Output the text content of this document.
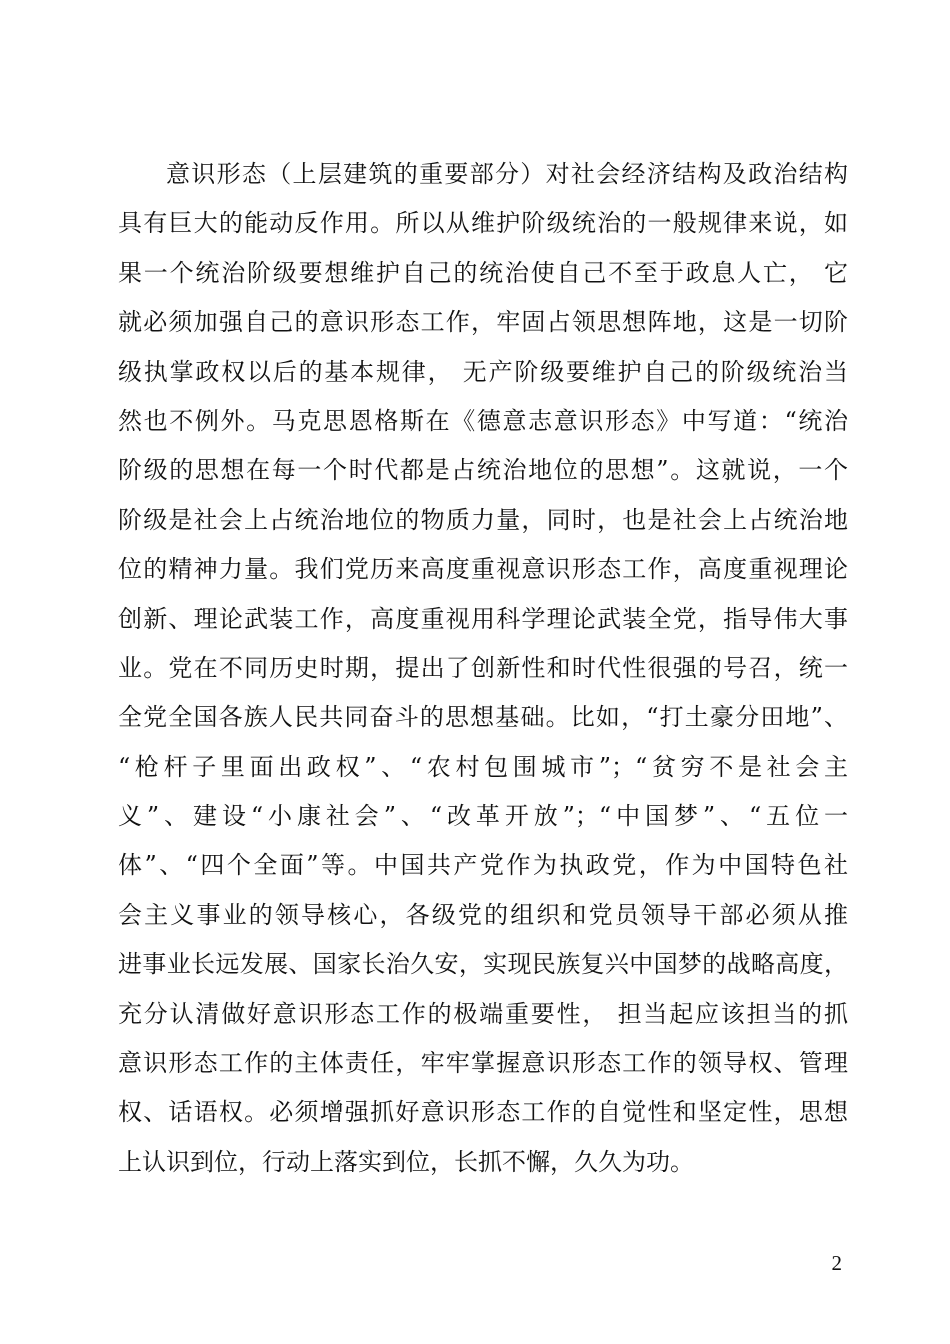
意识形态（上层建筑的重要部分）对社会经济结构及政治结构
具有巨大的能动反作用。所以从维护阶级统治的一般规律来说，如
果一个统治阶级要想维护自己的统治使自己不至于政息人亡， 它
就必须加强自己的意识形态工作，牢固占领思想阵地，这是一切阶
级执掌政权以后的基本规律， 无产阶级要维护自己的阶级统治当
然也不例外。马克思恩格斯在《德意志意识形态》中写道：“统治
阶级的思想在每一个时代都是占统治地位的思想”。这就说，一个
阶级是社会上占统治地位的物质力量，同时，也是社会上占统治地
位的精神力量。我们党历来高度重视意识形态工作，高度重视理论
创新、理论武装工作，高度重视用科学理论武装全党，指导伟大事
业。党在不同历史时期，提出了创新性和时代性很强的号召，统一
全党全国各族人民共同奋斗的思想基础。比如，“打土豪分田地”、
“枪杆子里面出政权”、“农村包围城市”；“贫穷不是社会主
义”、建设“小康社会”、“改革开放”；“中国梦”、“五位一
体”、“四个全面”等。中国共产党作为执政党，作为中国特色社
会主义事业的领导核心，各级党的组织和党员领导干部必须从推
进事业长远发展、国家长治久安，实现民族复兴中国梦的战略高度，
充分认清做好意识形态工作的极端重要性， 担当起应该担当的抓
意识形态工作的主体责任，牢牢掌握意识形态工作的领导权、管理
权、话语权。必须增强抓好意识形态工作的自觉性和坚定性，思想
上认识到位，行动上落实到位，长抓不懈，久久为功。
2
